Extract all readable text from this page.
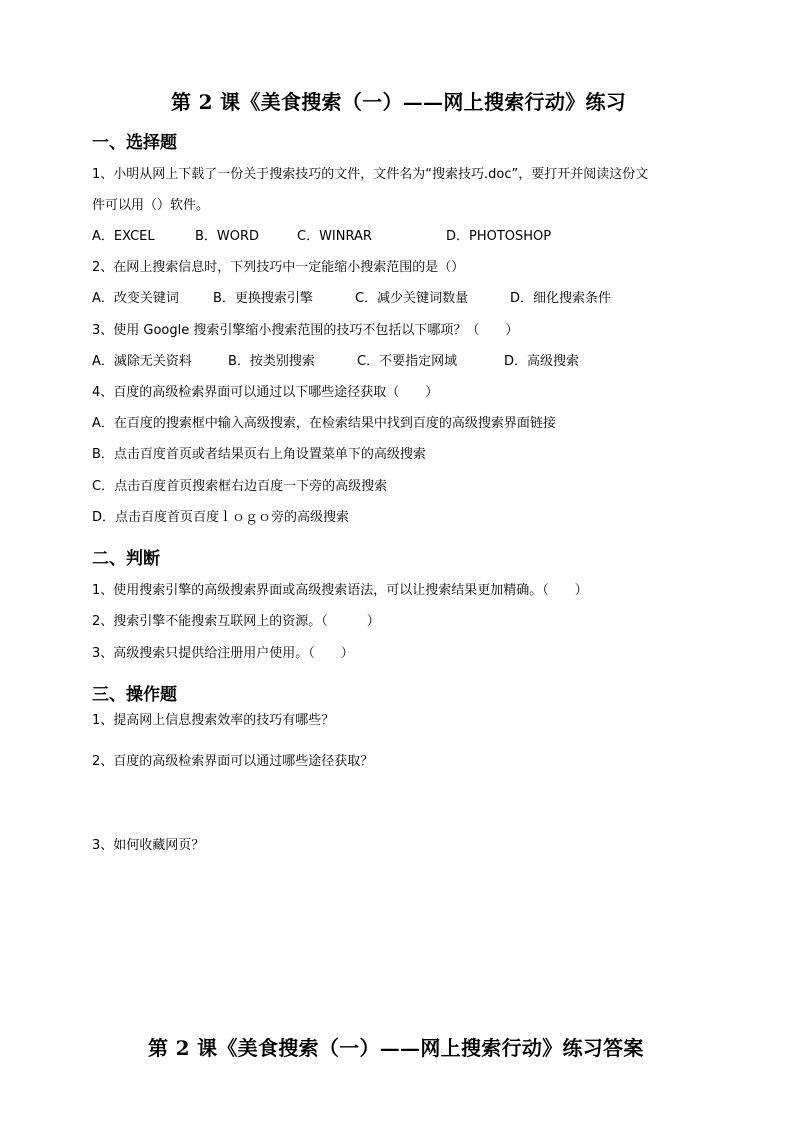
第 2 课《美食搜索（一）——网上搜索行动》练习
一、选择题
1、小明从网上下载了一份关于搜索技巧的文件，文件名为“搜索技巧.doc”，要打开并阅读这份文
件可以用（）软件。
A．EXCEL	B．WORD	C．WINRAR	D．PHOTOSHOP
2、在网上搜索信息时，下列技巧中一定能缩小搜索范围的是（）
A．改变关键词	B．更换搜索引擎	C．减少关键词数量	D．细化搜索条件
3、使用 Google 搜索引擎缩小搜索范围的技巧不包括以下哪项？（　　）
A．滅除无关资料	B．按类别搜索	C．不要指定网域	D．高级搜索
4、百度的高级检索界面可以通过以下哪些途径获取（　　）
A．在百度的搜索框中输入高级搜索，在检索结果中找到百度的高级搜索界面链接
B．点击百度首页或者结果页右上角设置菜单下的高级搜索
C．点击百度首页搜索框右边百度一下旁的高级搜索
D．点击百度首页百度ｌｏｇｏ旁的高级搜索
二、判断
1、使用搜索引擎的高级搜索界面或高级搜索语法，可以让搜索结果更加精确。（　　）
2、搜索引擎不能搜索互联网上的资源。（　　　）
3、高级搜索只提供给注册用户使用。（　　）
三、操作题
1、提高网上信息搜索效率的技巧有哪些？
2、百度的高级检索界面可以通过哪些途径获取？
3、如何收藏网页？
第 2 课《美食搜索（一）——网上搜索行动》练习答案
